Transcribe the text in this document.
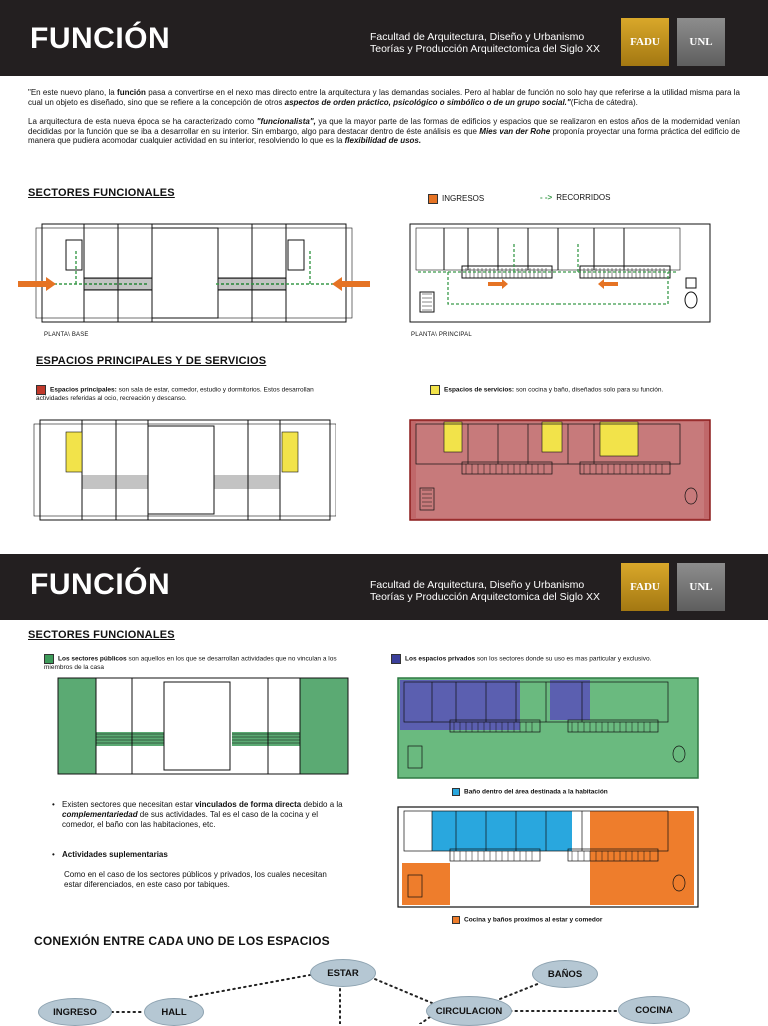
FUNCIÓN	Facultad de Arquitectura, Diseño y Urbanismo
Teorías y Producción Arquitectomica del Siglo XX
FADU	UNL
"En este nuevo plano, la función pasa a convertirse en el nexo mas directo entre la arquitectura y las demandas sociales. Pero al hablar de función no solo hay que referirse a la utilidad misma para la cual un objeto es diseñado, sino que se refiere a la concepción de otros aspectos de orden práctico, psicológico o simbólico o de un grupo social."(Ficha de cátedra).
La arquitectura de esta nueva época se ha caracterizado como "funcionalista", ya que la mayor parte de las formas de edificios y espacios que se realizaron en estos años de la modernidad venían decididas por la función que se iba a desarrollar en su interior. Sin embargo, algo para destacar dentro de éste análisis es que Mies van der Rohe proponía proyectar una forma práctica del edificio de manera que pudiera acomodar cualquier actividad en su interior, resolviendo lo que es la flexibilidad de usos.
SECTORES FUNCIONALES	INGRESOS	- -> RECORRIDOS
PLANTA\ BASE	PLANTA\ PRINCIPAL
ESPACIOS PRINCIPALES Y DE SERVICIOS
Espacios principales: son sala de estar, comedor, estudio y dormitorios. Estos desarrollan actividades referidas al ocio, recreación y descanso.
Espacios de servicios: son cocina y baño, diseñados solo para su función.
FUNCIÓN	Facultad de Arquitectura, Diseño y Urbanismo
Teorías y Producción Arquitectomica del Siglo XX
FADU	UNL
SECTORES FUNCIONALES
Los sectores públicos son aquellos en los que se desarrollan actividades que no vinculan a los miembros de la casa
Los espacios privados son los sectores donde su uso es mas particular y exclusivo.
Baño dentro del área destinada a la habitación
Cocina y baños proximos al estar y comedor
• Existen sectores que necesitan estar vinculados de forma directa debido a la complementariedad de sus actividades. Tal es el caso de la cocina y el comedor, el baño con las habitaciones, etc.
• Actividades suplementarias
Como en el caso de los sectores públicos y privados, los cuales necesitan estar diferenciados, en este caso por tabiques.
CONEXIÓN ENTRE CADA UNO DE LOS ESPACIOS
ESTAR	BAÑOS
INGRESO	HALL	CIRCULACION	COCINA
